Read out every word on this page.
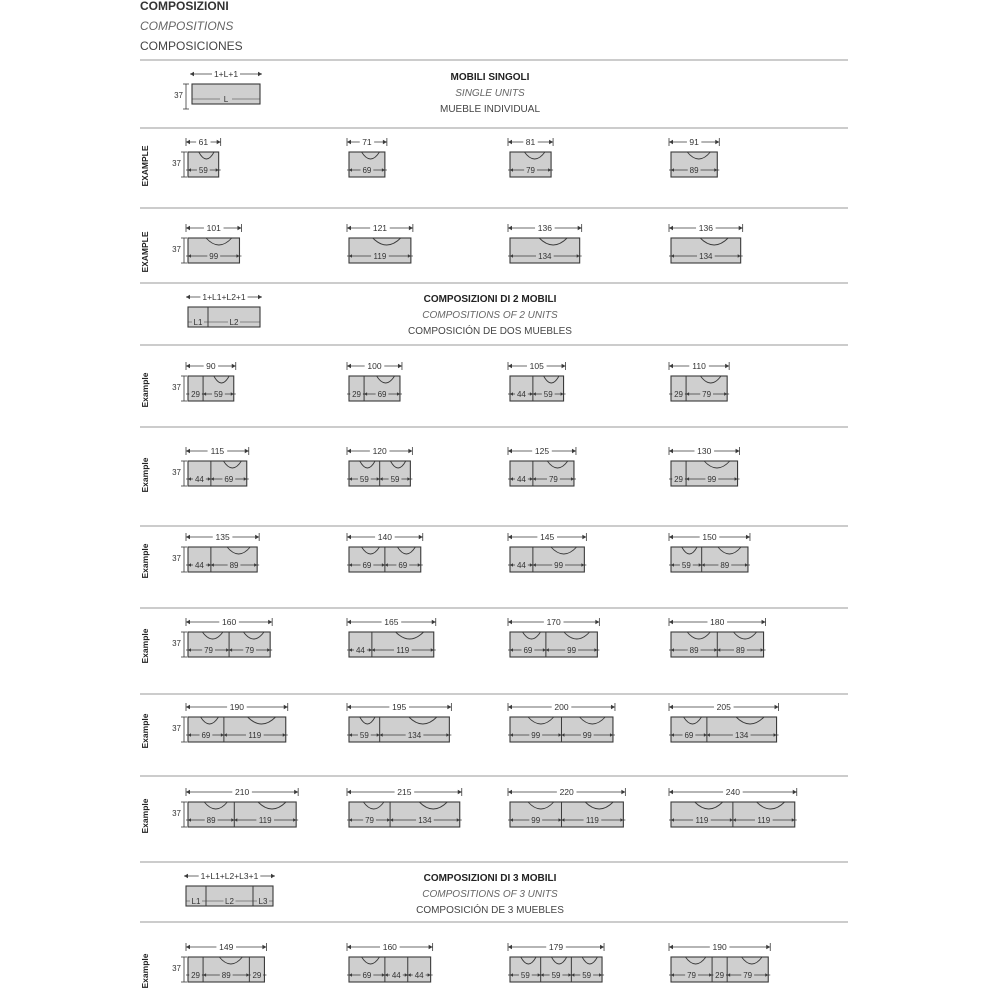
COMPOSIZIONI
COMPOSITIONS
COMPOSICIONES
1+L+1
L
37
MOBILI SINGOLI
SINGLE UNITS
MUEBLE INDIVIDUAL
1+L1+L2+1
L1	L2
COMPOSIZIONI DI 2 MOBILI
COMPOSITIONS OF 2 UNITS
COMPOSICIÓN DE DOS MUEBLES
1+L1+L2+L3+1
L1	L2	L3
COMPOSIZIONI DI 3 MOBILI
COMPOSITIONS OF 3 UNITS
COMPOSICIÓN DE 3 MUEBLES
EXAMPLE	37
61
59
71
69
81
79
91
89
EXAMPLE	37
101
99
121
119
136
134
136
134
Example	37
90
29 59
100
29 69
105
44 59
110
29 79
Example	37
115
44	69
120
59	59
125
44	79
130
29	99
Example	37
135
44	89
140
69	69
145
44	99
150
59	89
Example	37
160
79	79
165
44	119
170
69	99
180
89	89
Example	37
190
69	119
195
59	134
200
99	99
205
69	134
Example	37
210
89	119
215
79	134
220
99	119
240
119	119
Example	37
149
29	89	29
160
69	44 44
179
59	59	59
190
79 29 79
